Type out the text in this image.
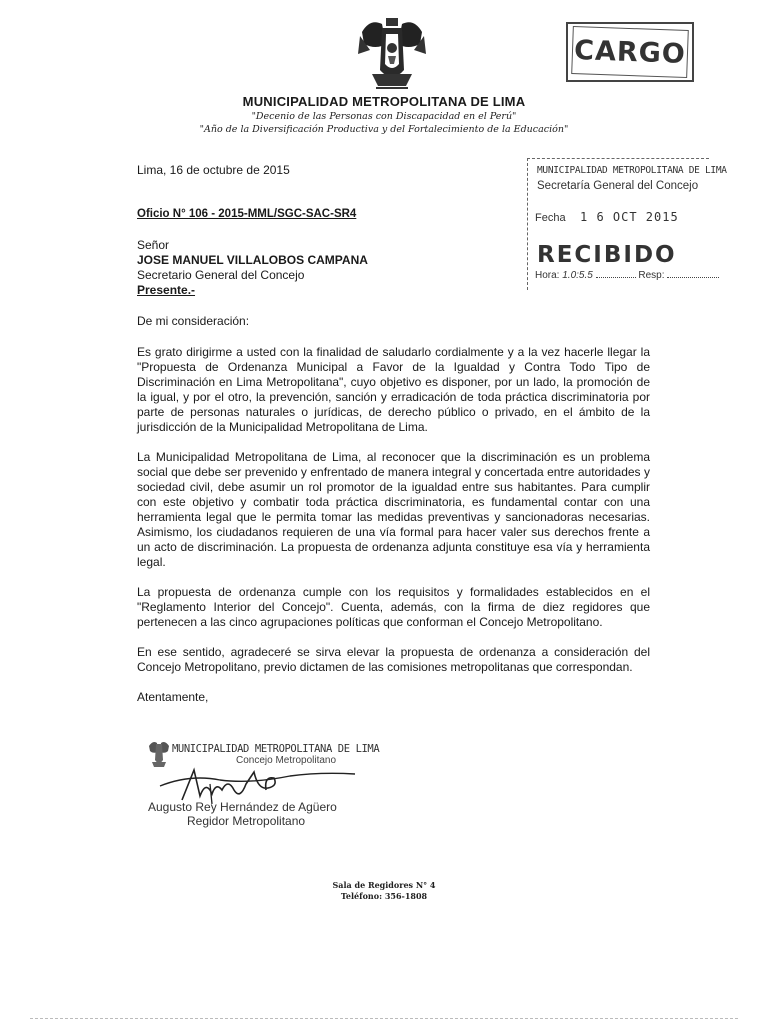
MUNICIPALIDAD METROPOLITANA DE LIMA
"Decenio de las Personas con Discapacidad en el Perú"
"Año de la Diversificación Productiva y del Fortalecimiento de la Educación"
CARGO
MUNICIPALIDAD METROPOLITANA DE LIMA
Secretaría General del Concejo
Fecha 1 6 OCT 2015
RECIBIDO
Hora: 1.0:5.5	Resp:
Lima, 16 de octubre de 2015
Oficio N° 106 - 2015-MML/SGC-SAC-SR4
Señor
JOSE MANUEL VILLALOBOS CAMPANA
Secretario General del Concejo
Presente.-
De mi consideración:

Es grato dirigirme a usted con la finalidad de saludarlo cordialmente y a la vez hacerle llegar la "Propuesta de Ordenanza Municipal a Favor de la Igualdad y Contra Todo Tipo de Discriminación en Lima Metropolitana", cuyo objetivo es disponer, por un lado, la promoción de la igual, y por el otro, la prevención, sanción y erradicación de toda práctica discriminatoria por parte de personas naturales o jurídicas, de derecho público o privado, en el ámbito de la jurisdicción de la Municipalidad Metropolitana de Lima.

La Municipalidad Metropolitana de Lima, al reconocer que la discriminación es un problema social que debe ser prevenido y enfrentado de manera integral y concertada entre autoridades y sociedad civil, debe asumir un rol promotor de la igualdad entre sus habitantes. Para cumplir con este objetivo y combatir toda práctica discriminatoria, es fundamental contar con una herramienta legal que le permita tomar las medidas preventivas y sancionadoras necesarias. Asimismo, los ciudadanos requieren de una vía formal para hacer valer sus derechos frente a un acto de discriminación. La propuesta de ordenanza adjunta constituye esa vía y herramienta legal.

La propuesta de ordenanza cumple con los requisitos y formalidades establecidos en el "Reglamento Interior del Concejo". Cuenta, además, con la firma de diez regidores que pertenecen a las cinco agrupaciones políticas que conforman el Concejo Metropolitano.

En ese sentido, agradeceré se sirva elevar la propuesta de ordenanza a consideración del Concejo Metropolitano, previo dictamen de las comisiones metropolitanas que correspondan.

Atentamente,
MUNICIPALIDAD METROPOLITANA DE LIMA
Concejo Metropolitano
Augusto Rey Hernández de Agüero
Regidor Metropolitano
Sala de Regidores N° 4
Teléfono: 356-1808
